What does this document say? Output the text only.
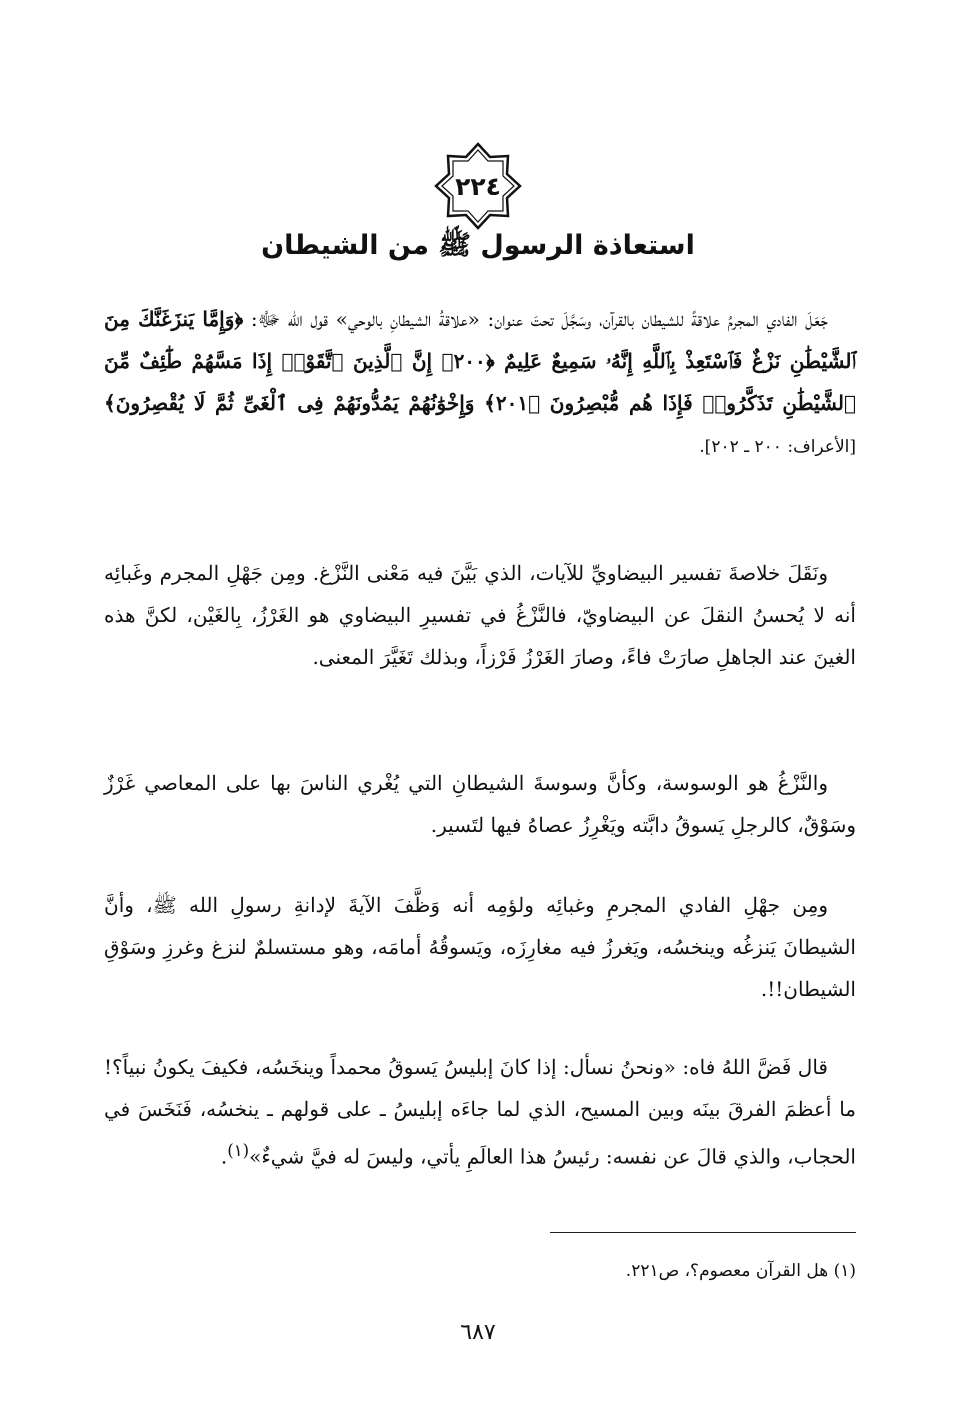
٢٢٤
استعاذة الرسول ﷺ من الشيطان

جَعَلَ الفادي المجرمُ علاقةً للشيطان بالقرآن، وسَجَّلَ تحتَ عنوان: «علاقةُ الشيطانِ بالوحي» قول الله ﷻ: ﴿وَإِمَّا يَنزَغَنَّكَ مِنَ ٱلشَّيْطَٰنِ نَزْغٌ فَٱسْتَعِذْ بِٱللَّهِ إِنَّهُۥ سَمِيعٌ عَلِيمٌ ﴿٢٠٠﴾ إِنَّ ٱلَّذِينَ ٱتَّقَوْا۟ إِذَا مَسَّهُمْ طَٰٓئِفٌ مِّنَ ٱلشَّيْطَٰنِ تَذَكَّرُوا۟ فَإِذَا هُم مُّبْصِرُونَ ﴿٢٠١﴾ وَإِخْوَٰنُهُمْ يَمُدُّونَهُمْ فِى ٱلْغَىِّ ثُمَّ لَا يُقْصِرُونَ﴾ [الأعراف: ٢٠٠ ـ ٢٠٢].

ونَقَلَ خلاصةَ تفسير البيضاويِّ للآيات، الذي بَيَّنَ فيه مَعْنى النَّزْغ. ومِن جَهْلِ المجرم وغَبائِه أنه لا يُحسنُ النقلَ عن البيضاويّ، فالنَّزْغُ في تفسيرِ البيضاوي هو الغَرْزُ، بِالغَيْن، لكنَّ هذه الغينَ عند الجاهلِ صارَتْ فاءً، وصارَ الغَرْزُ فَرْزاً، وبذلك تَغَيَّرَ المعنى.

والنَّزْغُ هو الوسوسة، وكأنَّ وسوسةَ الشيطانِ التي يُغْري الناسَ بها على المعاصي غَرْزٌ وسَوْقٌ، كالرجلِ يَسوقُ دابَّته ويَغْرِزُ عصاهُ فيها لتَسير.

ومِن جهْلِ الفادي المجرمِ وغبائِه ولؤمِه أنه وَظَّفَ الآيةَ لإدانةِ رسولِ الله ﷺ، وأنَّ الشيطانَ يَنزغُه وينخسُه، ويَغرزُ فيه مغارِزَه، ويَسوقُهُ أمامَه، وهو مستسلمٌ لنزغ وغرزِ وسَوْقِ الشيطان!!.

قال فَضَّ اللهُ فاه: «ونحنُ نسأل: إذا كانَ إبليسُ يَسوقُ محمداً وينخَسُه، فكيفَ يكونُ نبياً؟! ما أعظمَ الفرقَ بينَه وبين المسيح، الذي لما جاءَه إبليسُ ـ على قولهم ـ ينخسُه، فَنَخَسَ في الحجاب، والذي قالَ عن نفسه: رئيسُ هذا العالَمِ يأتي، وليسَ له فيَّ شيءٌ»$^{(١)}$.

(١) هل القرآن معصوم؟، ص٢٢١.
٦٨٧
